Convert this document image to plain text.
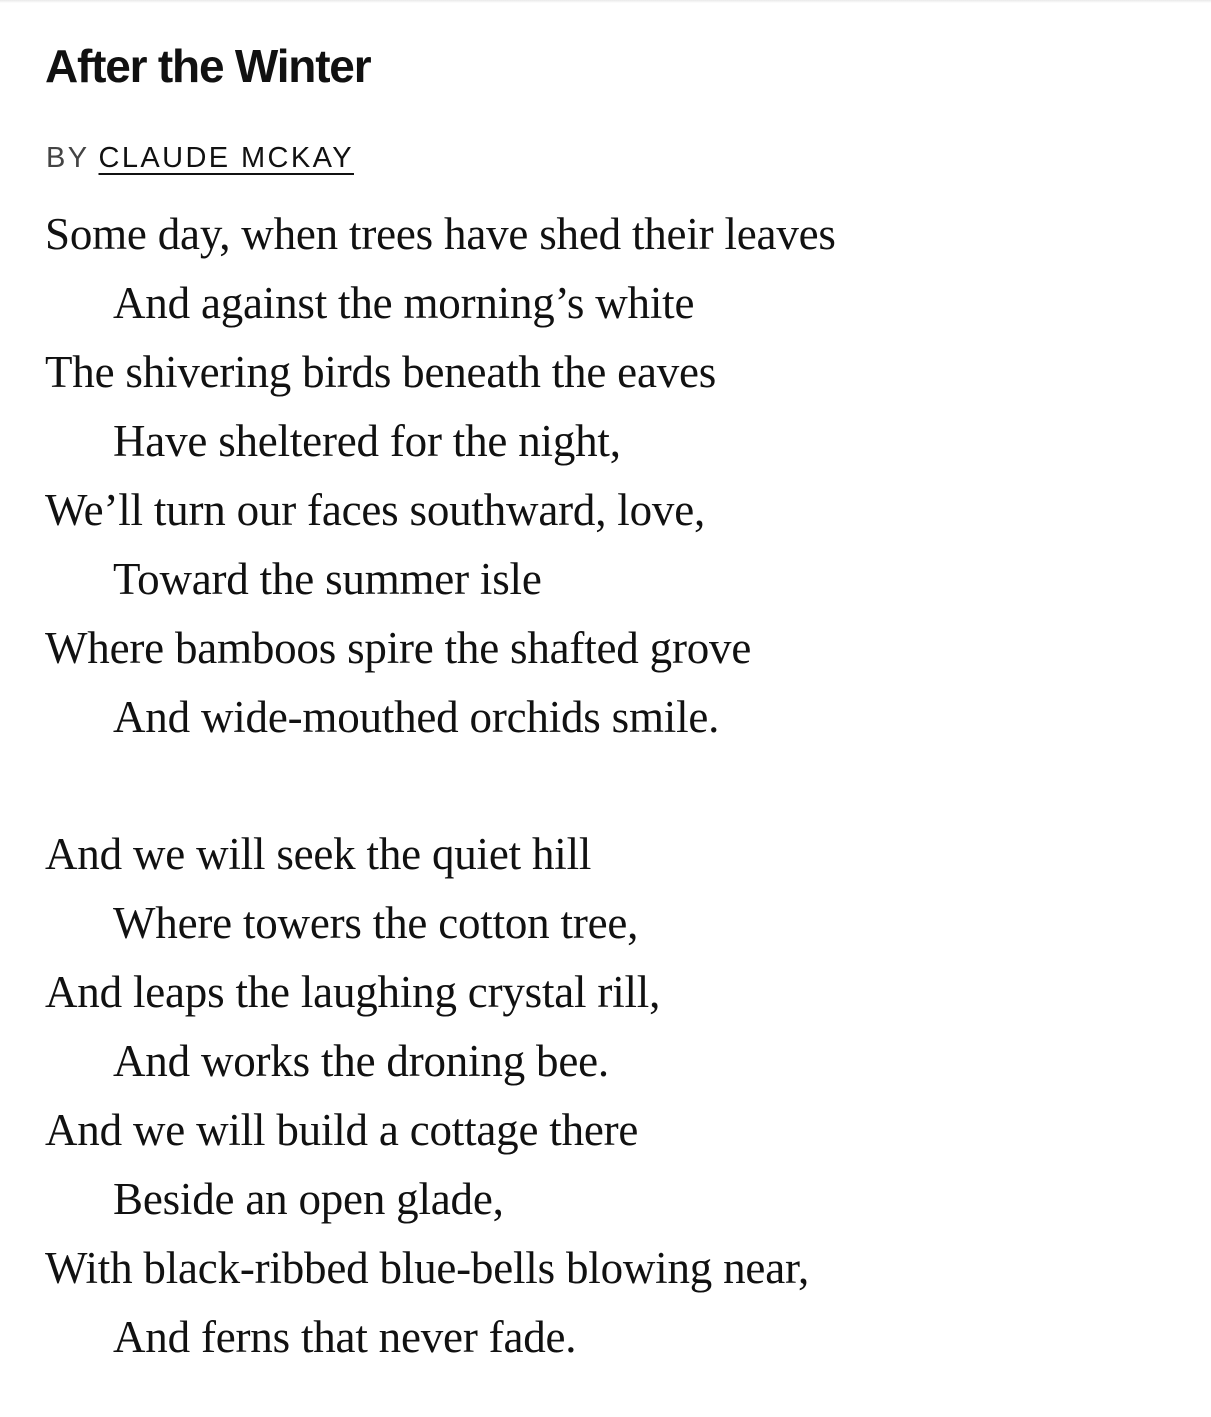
After the Winter
BY CLAUDE MCKAY
Some day, when trees have shed their leaves
And against the morning’s white
The shivering birds beneath the eaves
Have sheltered for the night,
We’ll turn our faces southward, love,
Toward the summer isle
Where bamboos spire the shafted grove
And wide-mouthed orchids smile.
And we will seek the quiet hill
Where towers the cotton tree,
And leaps the laughing crystal rill,
And works the droning bee.
And we will build a cottage there
Beside an open glade,
With black-ribbed blue-bells blowing near,
And ferns that never fade.
